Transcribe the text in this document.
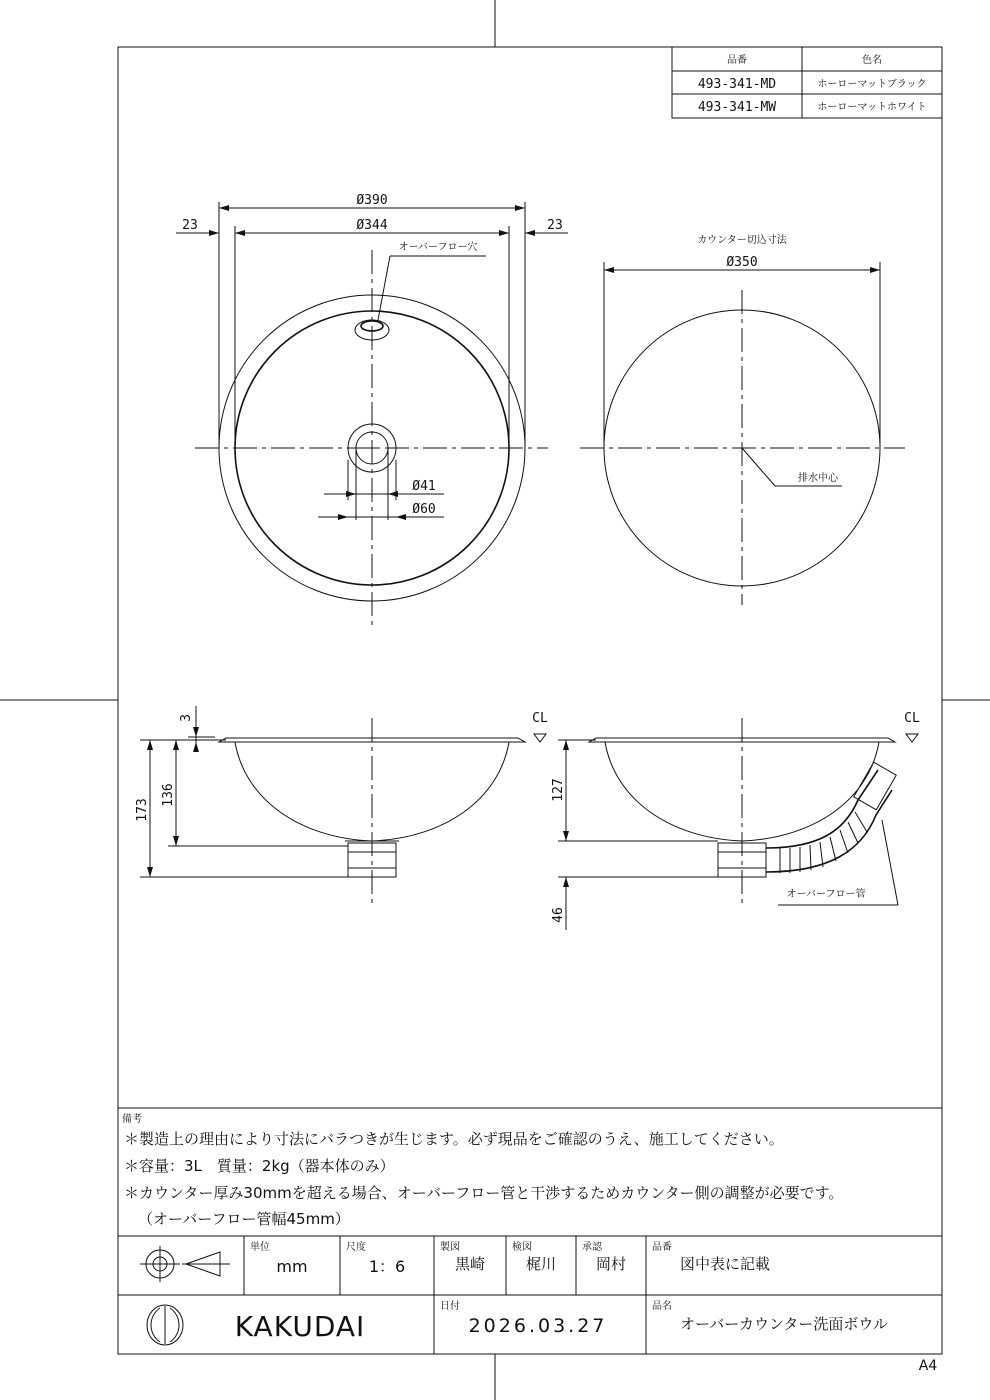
品番	色名
493-341-MD	ホーローマットブラック
493-341-MW	ホーローマットホワイト
Ø390
Ø344
23	23
オーバーフロー穴
Ø41
Ø60
カウンター切込寸法
Ø350
排水中心
CL
173
136
3	CL
127
46
オーバーフロー管
備考
＊製造上の理由により寸法にバラつきが生じます。必ず現品をご確認のうえ、施工してください。
＊容量：3L　質量：2kg（器本体のみ）
＊カウンター厚み30mmを超える場合、オーバーフロー管と干渉するためカウンター側の調整が必要です。
（オーバーフロー管幅45mm）
単位
mm
尺度
1：6
製図
黒崎
検図
梶川
承認
岡村
品番
図中表に記載
KAKUDAI
日付
2026.03.27
品名
オーバーカウンター洗面ボウル
A4
